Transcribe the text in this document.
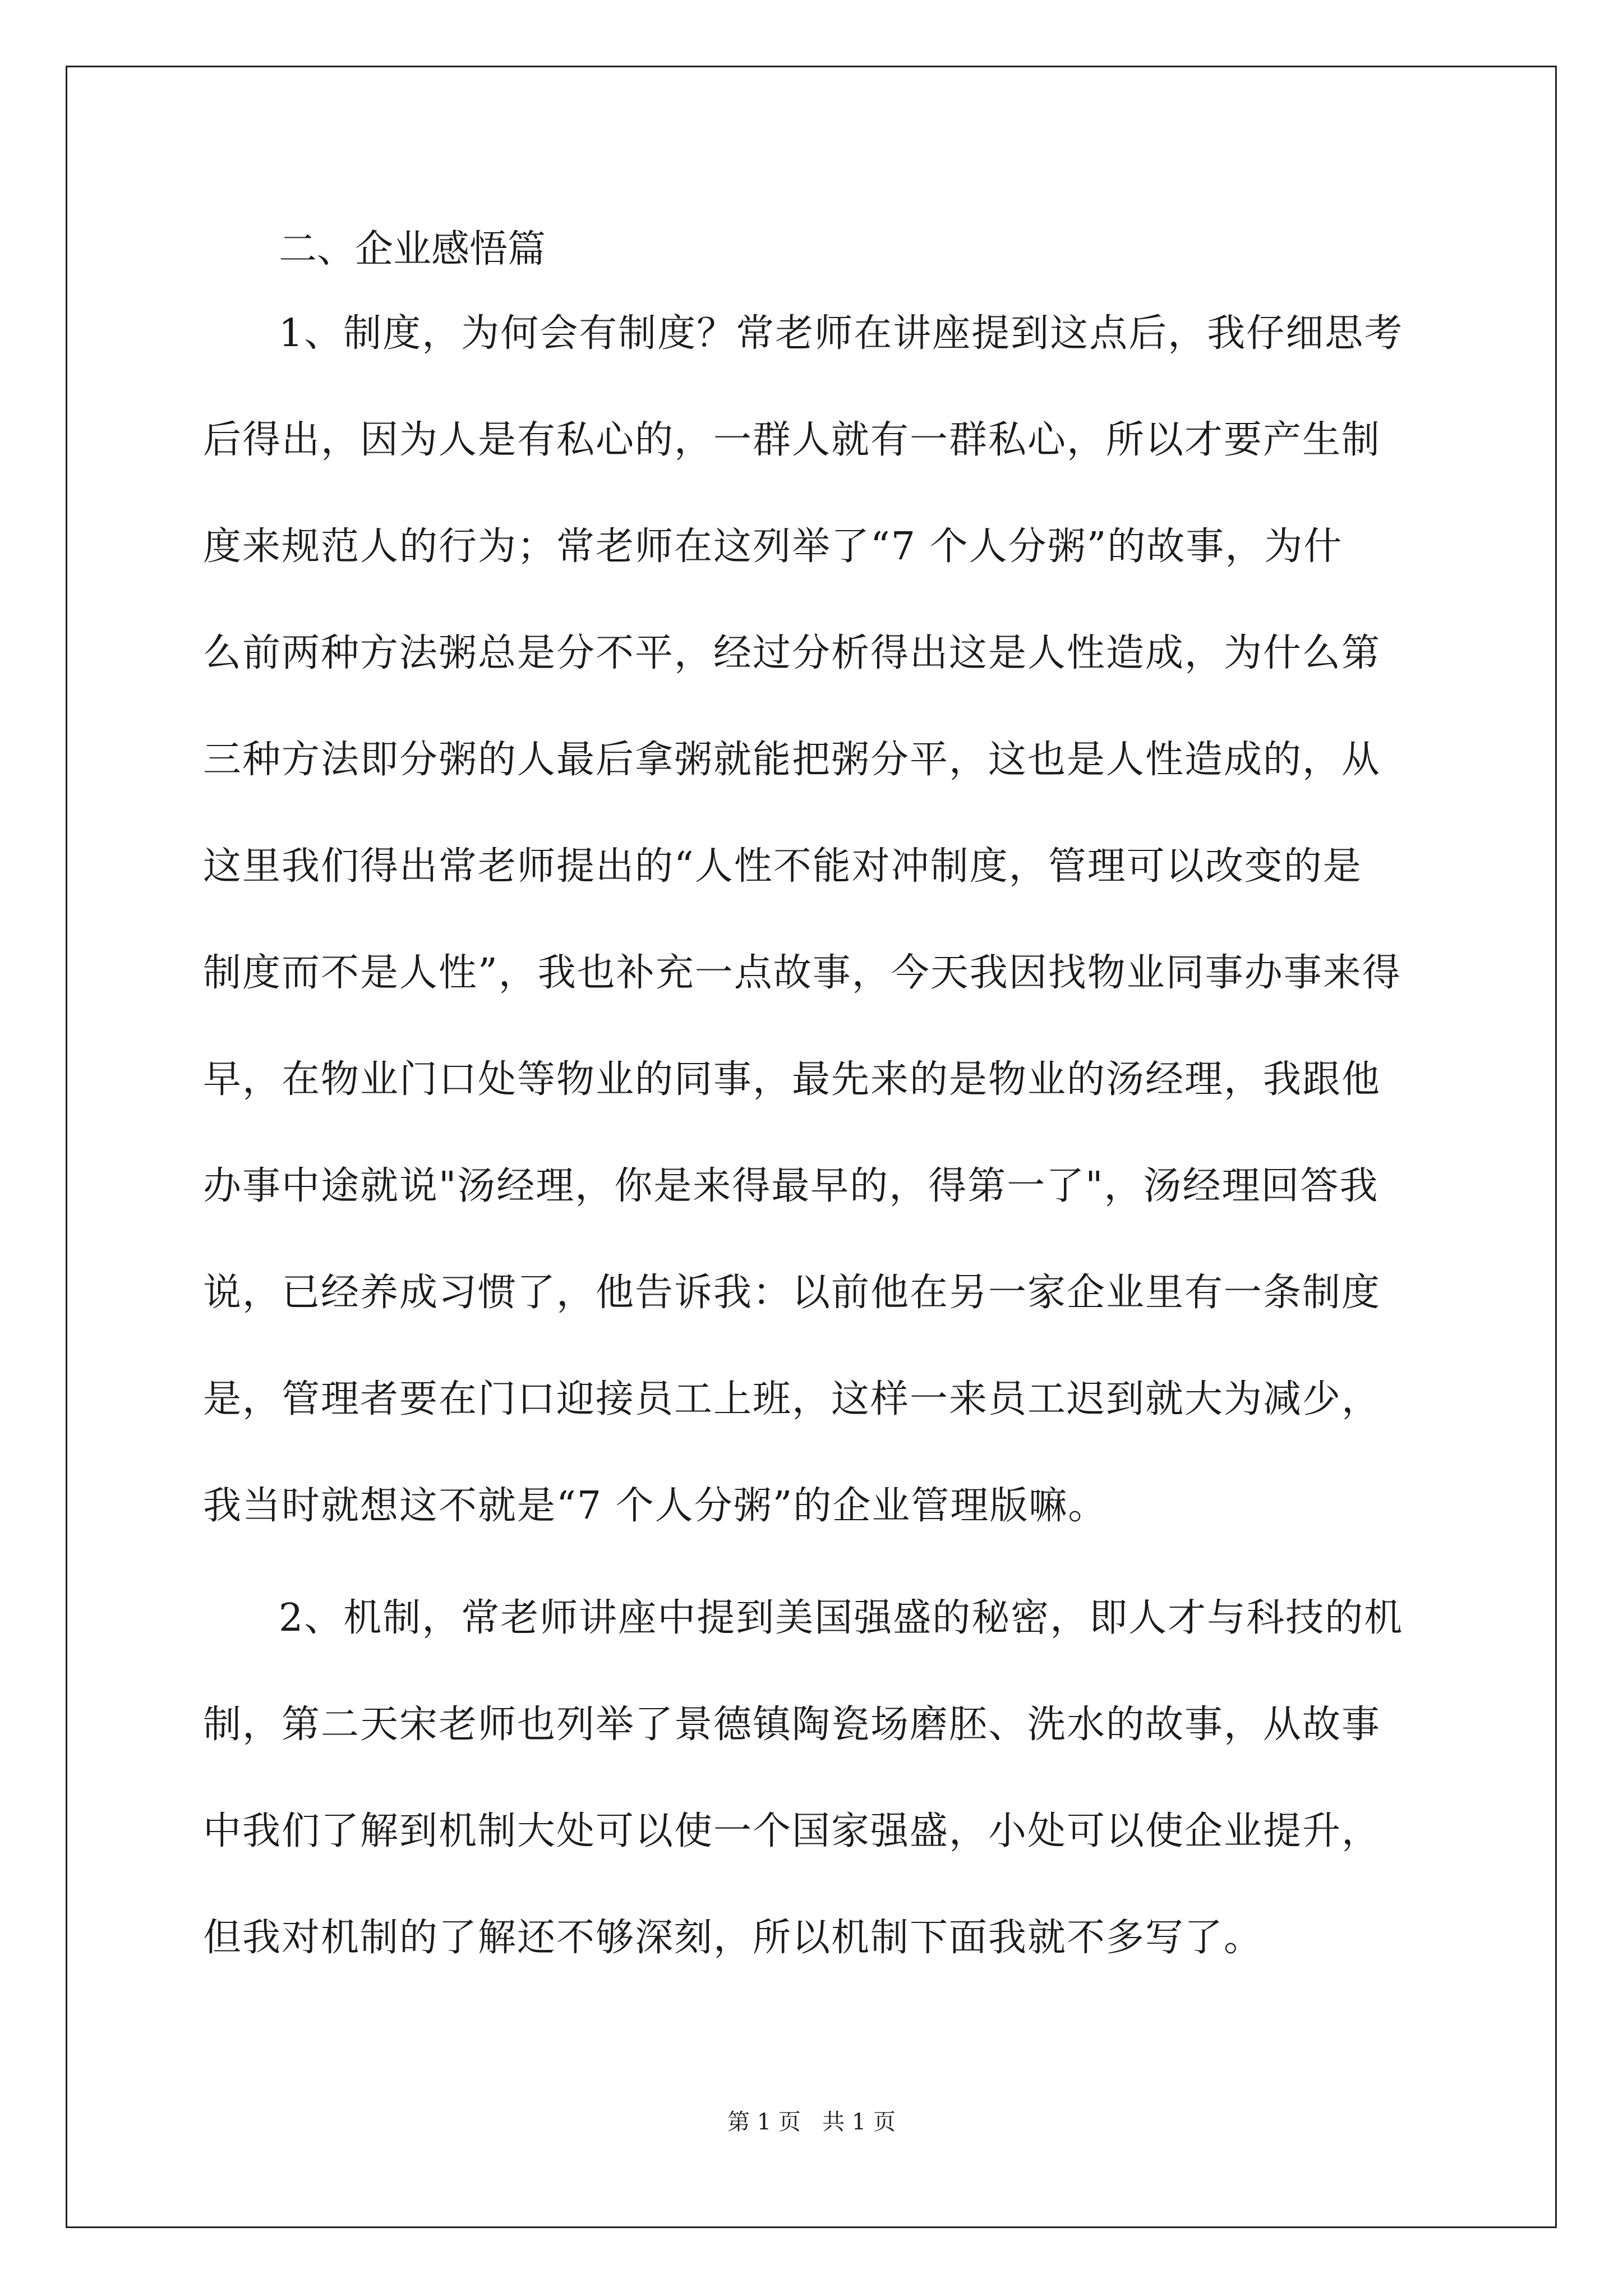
二、企业感悟篇
1、制度，为何会有制度？常老师在讲座提到这点后，我仔细思考
后得出，因为人是有私心的，一群人就有一群私心，所以才要产生制
度来规范人的行为；常老师在这列举了“7 个人分粥”的故事，为什
么前两种方法粥总是分不平，经过分析得出这是人性造成，为什么第
三种方法即分粥的人最后拿粥就能把粥分平，这也是人性造成的，从
这里我们得出常老师提出的“人性不能对冲制度，管理可以改变的是
制度而不是人性”，我也补充一点故事，今天我因找物业同事办事来得
早，在物业门口处等物业的同事，最先来的是物业的汤经理，我跟他
办事中途就说"汤经理，你是来得最早的，得第一了"，汤经理回答我
说，已经养成习惯了，他告诉我：以前他在另一家企业里有一条制度
是，管理者要在门口迎接员工上班，这样一来员工迟到就大为减少，
我当时就想这不就是“7 个人分粥”的企业管理版嘛。
2、机制，常老师讲座中提到美国强盛的秘密，即人才与科技的机
制，第二天宋老师也列举了景德镇陶瓷场磨胚、洗水的故事，从故事
中我们了解到机制大处可以使一个国家强盛，小处可以使企业提升，
但我对机制的了解还不够深刻，所以机制下面我就不多写了。
第 1 页   共 1 页
